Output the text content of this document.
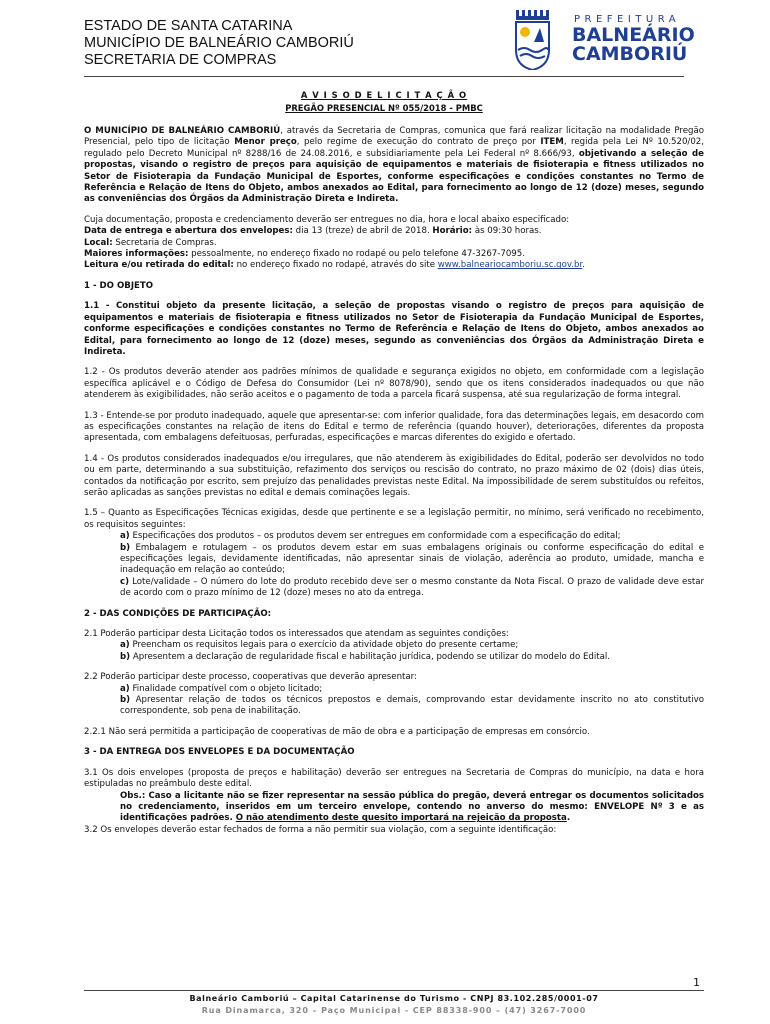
ESTADO DE SANTA CATARINA
MUNICÍPIO DE BALNEÁRIO CAMBORIÚ
SECRETARIA DE COMPRAS
PREFEITURA
BALNEÁRIO
CAMBORIÚ
A V I S O D E L I C I T A Ç Ã O
PREGÃO PRESENCIAL Nº 055/2018 - PMBC

O MUNICÍPIO DE BALNEÁRIO CAMBORIÚ, através da Secretaria de Compras, comunica que fará realizar licitação na modalidade Pregão Presencial, pelo tipo de licitação Menor preço, pelo regime de execução do contrato de preço por ITEM, regida pela Lei Nº 10.520/02, regulado pelo Decreto Municipal nº 8288/16 de 24.08.2016, e subsidiariamente pela Lei Federal nº 8.666/93, objetivando a seleção de propostas, visando o registro de preços para aquisição de equipamentos e materiais de fisioterapia e fitness utilizados no Setor de Fisioterapia da Fundação Municipal de Esportes, conforme especificações e condições constantes no Termo de Referência e Relação de Itens do Objeto, ambos anexados ao Edital, para fornecimento ao longo de 12 (doze) meses, segundo as conveniências dos Órgãos da Administração Direta e Indireta.

Cuja documentação, proposta e credenciamento deverão ser entregues no dia, hora e local abaixo especificado:
Data de entrega e abertura dos envelopes: dia 13 (treze) de abril de 2018. Horário: às 09:30 horas.
Local: Secretaria de Compras.
Maiores informações: pessoalmente, no endereço fixado no rodapé ou pelo telefone 47-3267-7095.
Leitura e/ou retirada do edital: no endereço fixado no rodapé, através do site www.balneariocamboriu.sc.gov.br.

1 - DO OBJETO

1.1 - Constitui objeto da presente licitação, a seleção de propostas visando o registro de preços para aquisição de equipamentos e materiais de fisioterapia e fitness utilizados no Setor de Fisioterapia da Fundação Municipal de Esportes, conforme especificações e condições constantes no Termo de Referência e Relação de Itens do Objeto, ambos anexados ao Edital, para fornecimento ao longo de 12 (doze) meses, segundo as conveniências dos Órgãos da Administração Direta e Indireta.

1.2 - Os produtos deverão atender aos padrões mínimos de qualidade e segurança exigidos no objeto, em conformidade com a legislação específica aplicável e o Código de Defesa do Consumidor (Lei nº 8078/90), sendo que os itens considerados inadequados ou que não atenderem às exigibilidades, não serão aceitos e o pagamento de toda a parcela ficará suspensa, até sua regularização de forma integral.

1.3 - Entende-se por produto inadequado, aquele que apresentar-se: com inferior qualidade, fora das determinações legais, em desacordo com as especificações constantes na relação de itens do Edital e termo de referência (quando houver), deteriorações, diferentes da proposta apresentada, com embalagens defeituosas, perfuradas, especificações e marcas diferentes do exigido e ofertado.

1.4 - Os produtos considerados inadequados e/ou irregulares, que não atenderem às exigibilidades do Edital, poderão ser devolvidos no todo ou em parte, determinando a sua substituição, refazimento dos serviços ou rescisão do contrato, no prazo máximo de 02 (dois) dias úteis, contados da notificação por escrito, sem prejuízo das penalidades previstas neste Edital. Na impossibilidade de serem substituídos ou refeitos, serão aplicadas as sanções previstas no edital e demais cominações legais.

1.5 – Quanto as Especificações Técnicas exigidas, desde que pertinente e se a legislação permitir, no mínimo, será verificado no recebimento, os requisitos seguintes:

a) Especificações dos produtos – os produtos devem ser entregues em conformidade com a especificação do edital;

b) Embalagem e rotulagem – os produtos devem estar em suas embalagens originais ou conforme especificação do edital e especificações legais, devidamente identificadas, não apresentar sinais de violação, aderência ao produto, umidade, mancha e inadequação em relação ao conteúdo;

c) Lote/validade – O número do lote do produto recebido deve ser o mesmo constante da Nota Fiscal. O prazo de validade deve estar de acordo com o prazo mínimo de 12 (doze) meses no ato da entrega.

2 - DAS CONDIÇÕES DE PARTICIPAÇÃO:

2.1 Poderão participar desta Licitação todos os interessados que atendam as seguintes condições:

a) Preencham os requisitos legais para o exercício da atividade objeto do presente certame;

b) Apresentem a declaração de regularidade fiscal e habilitação jurídica, podendo se utilizar do modelo do Edital.

2.2 Poderão participar deste processo, cooperativas que deverão apresentar:

a) Finalidade compatível com o objeto licitado;

b) Apresentar relação de todos os técnicos prepostos e demais, comprovando estar devidamente inscrito no ato constitutivo correspondente, sob pena de inabilitação.

2.2.1 Não será permitida a participação de cooperativas de mão de obra e a participação de empresas em consórcio.

3 - DA ENTREGA DOS ENVELOPES E DA DOCUMENTAÇÃO

3.1 Os dois envelopes (proposta de preços e habilitação) deverão ser entregues na Secretaria de Compras do município, na data e hora estipuladas no preâmbulo deste edital.

Obs.: Caso a licitante não se fizer representar na sessão pública do pregão, deverá entregar os documentos solicitados no credenciamento, inseridos em um terceiro envelope, contendo no anverso do mesmo: ENVELOPE Nº 3 e as identificações padrões. O não atendimento deste quesito importará na rejeição da proposta.

3.2 Os envelopes deverão estar fechados de forma a não permitir sua violação, com a seguinte identificação:

1
Balneário Camboriú – Capital Catarinense do Turismo - CNPJ 83.102.285/0001-07
Rua Dinamarca, 320 – Paço Municipal - CEP 88338-900 – (47) 3267-7000
